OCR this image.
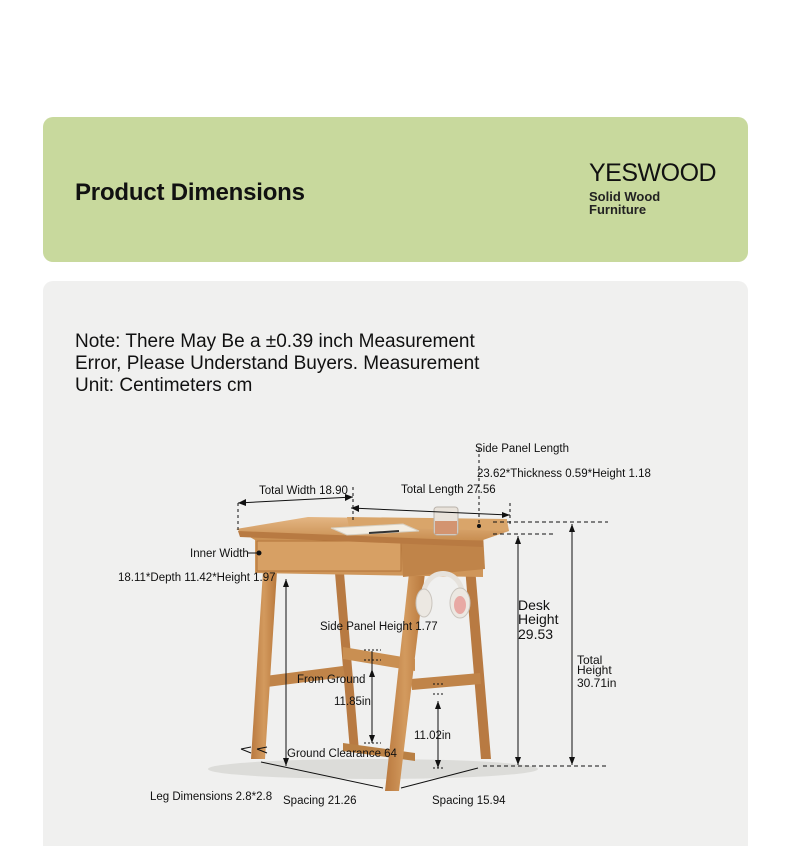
Product Dimensions
YESWOOD
Solid Wood Furniture

Note: There May Be a ±0.39 inch Measurement Error, Please Understand Buyers. Measurement Unit: Centimeters cm

Side Panel Length
23.62*Thickness 0.59*Height 1.18
Total Width 18.90	Total Length 27.56
Inner Width
18.11*Depth 11.42*Height 1.97
Desk
Height
29.53
Total
Height
30.71in
Side Panel Height 1.77
From Ground
11.85in
11.02in
Ground Clearance 64
Leg Dimensions 2.8*2.8 Spacing 21.26	Spacing 15.94
